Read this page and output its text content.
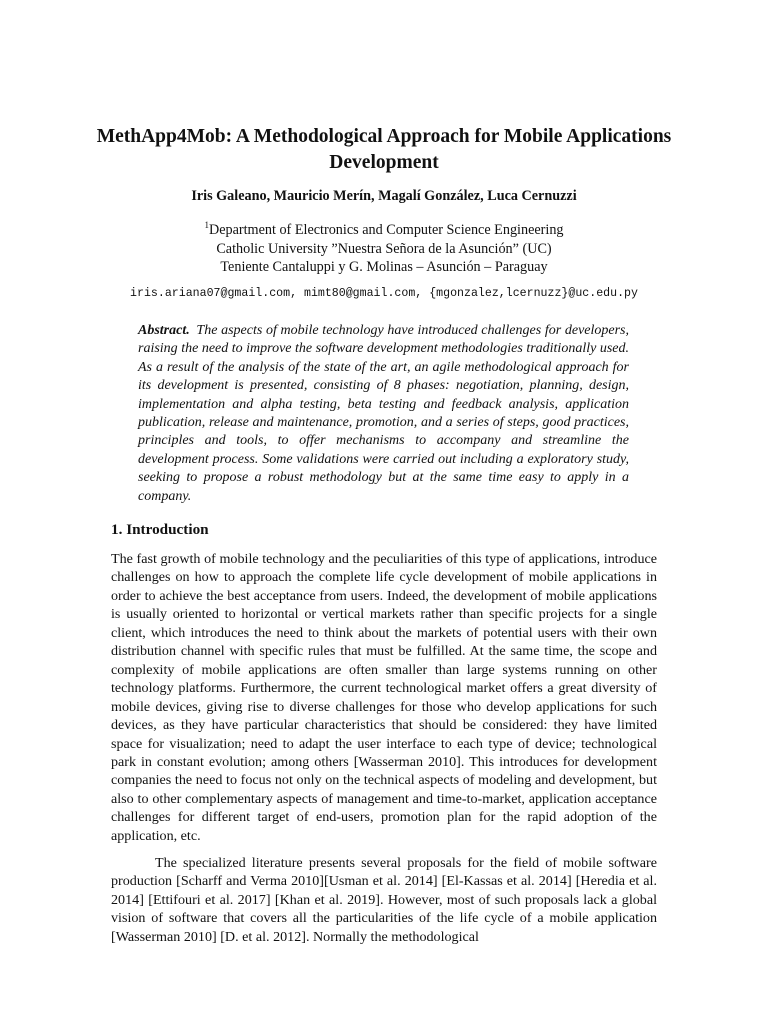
MethApp4Mob: A Methodological Approach for Mobile Applications Development
Iris Galeano, Mauricio Merín, Magalí González, Luca Cernuzzi
$^1$Department of Electronics and Computer Science Engineering
Catholic University ”Nuestra Señora de la Asunción” (UC)
Teniente Cantaluppi y G. Molinas – Asunción – Paraguay
iris.ariana07@gmail.com, mimt80@gmail.com, {mgonzalez,lcernuzz}@uc.edu.py
Abstract. The aspects of mobile technology have introduced challenges for developers, raising the need to improve the software development methodologies traditionally used. As a result of the analysis of the state of the art, an agile methodological approach for its development is presented, consisting of 8 phases: negotiation, planning, design, implementation and alpha testing, beta testing and feedback analysis, application publication, release and maintenance, promotion, and a series of steps, good practices, principles and tools, to offer mechanisms to accompany and streamline the development process. Some validations were carried out including a exploratory study, seeking to propose a robust methodology but at the same time easy to apply in a company.
1. Introduction

The fast growth of mobile technology and the peculiarities of this type of applications, introduce challenges on how to approach the complete life cycle development of mobile applications in order to achieve the best acceptance from users. Indeed, the development of mobile applications is usually oriented to horizontal or vertical markets rather than specific projects for a single client, which introduces the need to think about the markets of potential users with their own distribution channel with specific rules that must be fulfilled. At the same time, the scope and complexity of mobile applications are often smaller than large systems running on other technology platforms. Furthermore, the current technological market offers a great diversity of mobile devices, giving rise to diverse challenges for those who develop applications for such devices, as they have particular characteristics that should be considered: they have limited space for visualization; need to adapt the user interface to each type of device; technological park in constant evolution; among others [Wasserman 2010]. This introduces for development companies the need to focus not only on the technical aspects of modeling and development, but also to other complementary aspects of management and time-to-market, application acceptance challenges for different target of end-users, promotion plan for the rapid adoption of the application, etc.

The specialized literature presents several proposals for the field of mobile software production [Scharff and Verma 2010][Usman et al. 2014] [El-Kassas et al. 2014] [Heredia et al. 2014] [Ettifouri et al. 2017] [Khan et al. 2019]. However, most of such proposals lack a global vision of software that covers all the particularities of the life cycle of a mobile application [Wasserman 2010] [D. et al. 2012]. Normally the methodological
